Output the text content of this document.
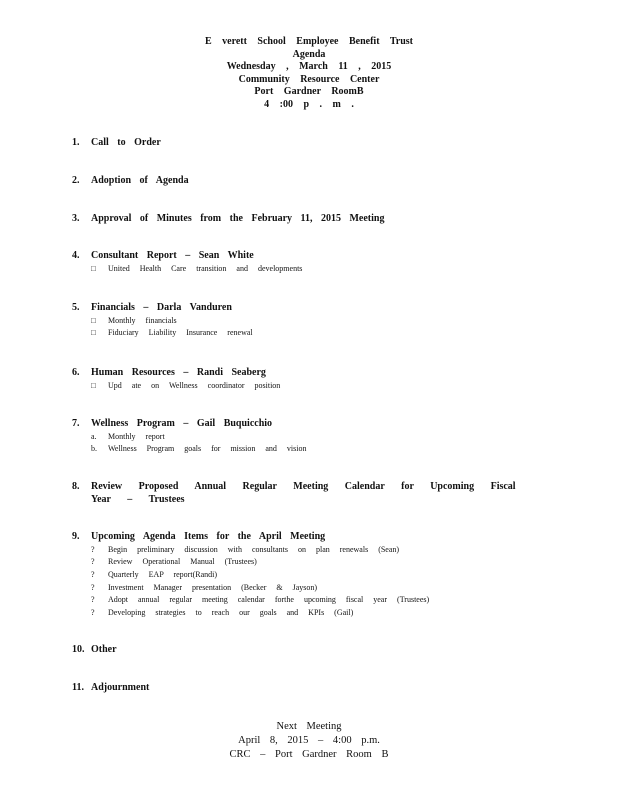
E verett School Employee Benefit Trust
Agenda
Wednesday , March 11 , 2015
Community Resource Center
Port Gardner RoomB
4 :00 p . m .
1.	Call to Order
2.	Adoption of Agenda
3.	Approval of Minutes from the February 11, 2015 Meeting
4.	Consultant Report – Sean White
□ United Health Care transition and developments
5.	Financials – Darla Vanduren
□ Monthly financials
□ Fiduciary Liability Insurance renewal
6.	Human Resources – Randi Seaberg
□ Upd ate on Wellness coordinator position
7.	Wellness Program – Gail Buquicchio
a. Monthly report
b. Wellness Program goals for mission and vision
8.	Review Proposed Annual Regular Meeting Calendar for Upcoming Fiscal Year – Trustees
9.	Upcoming Agenda Items for the April Meeting
? Begin preliminary discussion with consultants on plan renewals (Sean)
? Review Operational Manual (Trustees)
? Quarterly EAP report(Randi)
? Investment Manager presentation (Becker & Jayson)
? Adopt annual regular meeting calendar forthe upcoming fiscal year (Trustees)
? Developing strategies to reach our goals and KPIs (Gail)
10. Other
11. Adjournment
Next Meeting
April 8, 2015 – 4:00 p.m.
CRC – Port Gardner Room B
